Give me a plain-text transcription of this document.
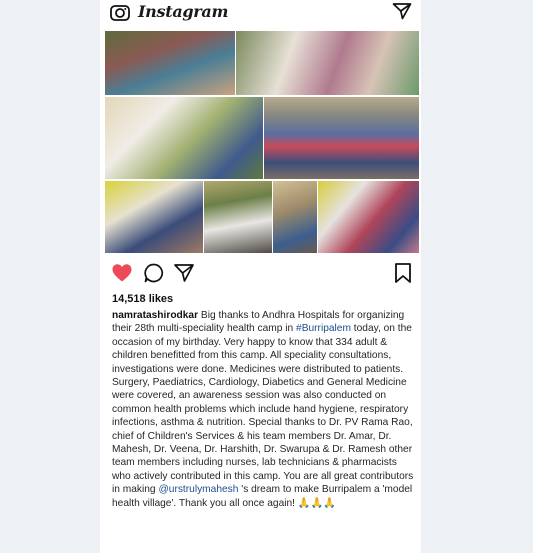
Instagram
14,518 likes
namratashirodkar Big thanks to Andhra Hospitals for organizing their 28th multi-speciality health camp in #Burripalem today, on the occasion of my birthday. Very happy to know that 334 adult & children benefitted from this camp. All speciality consultations, investigations were done. Medicines were distributed to patients. Surgery, Paediatrics, Cardiology, Diabetics and General Medicine were covered, an awareness session was also conducted on common health problems which include hand hygiene, respiratory infections, asthma & nutrition. Special thanks to Dr. PV Rama Rao, chief of Children's Services & his team members Dr. Amar, Dr. Mahesh, Dr. Veena, Dr. Harshith, Dr. Swarupa & Dr. Ramesh other team members including nurses, lab technicians & pharmacists who actively contributed in this camp. You are all great contributors in making @urstrulymahesh 's dream to make Burripalem a 'model health village'. Thank you all once again! 🙏🙏🙏
